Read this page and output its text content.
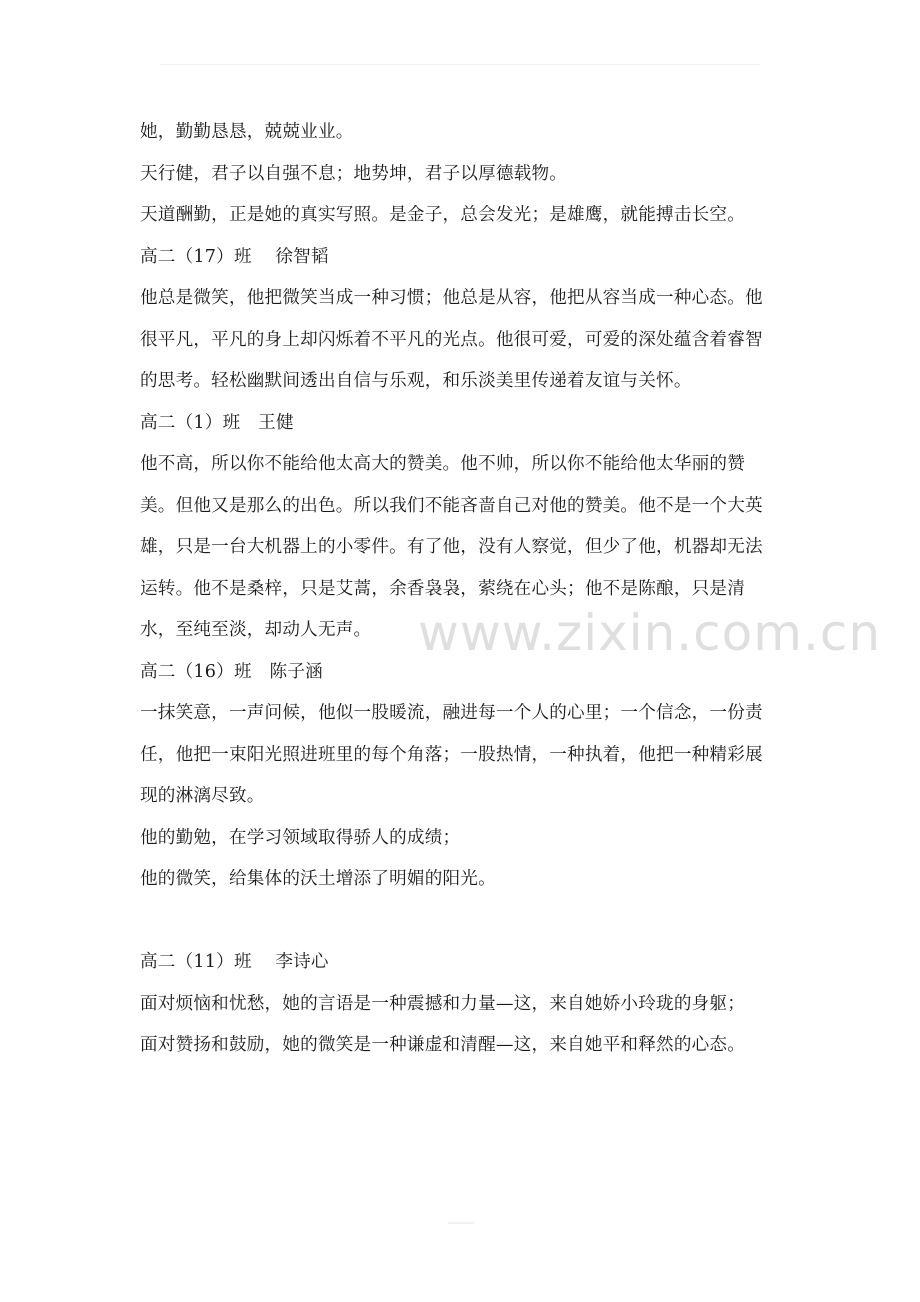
她，勤勤恳恳，兢兢业业。

天行健，君子以自强不息；地势坤，君子以厚德载物。

天道酬勤，正是她的真实写照。是金子，总会发光；是雄鹰，就能搏击长空。

高二（17）班　 徐智韬

他总是微笑，他把微笑当成一种习惯；他总是从容，他把从容当成一种心态。他很平凡，平凡的身上却闪烁着不平凡的光点。他很可爱，可爱的深处蕴含着睿智的思考。轻松幽默间透出自信与乐观，和乐淡美里传递着友谊与关怀。

高二（1）班　王健

他不高，所以你不能给他太高大的赞美。他不帅，所以你不能给他太华丽的赞美。但他又是那么的出色。所以我们不能吝啬自己对他的赞美。他不是一个大英雄，只是一台大机器上的小零件。有了他，没有人察觉，但少了他，机器却无法运转。他不是桑梓，只是艾蒿，余香袅袅，萦绕在心头；他不是陈酿，只是清水，至纯至淡，却动人无声。

高二（16）班　陈子涵

一抹笑意，一声问候，他似一股暖流，融进每一个人的心里；一个信念，一份责任，他把一束阳光照进班里的每个角落；一股热情，一种执着，他把一种精彩展现的淋漓尽致。

他的勤勉，在学习领域取得骄人的成绩；

他的微笑，给集体的沃土增添了明媚的阳光。

高二（11）班　 李诗心

面对烦恼和忧愁，她的言语是一种震撼和力量—这，来自她娇小玲珑的身躯；

面对赞扬和鼓励，她的微笑是一种谦虚和清醒—这，来自她平和释然的心态。

www.zixin.com.cn
